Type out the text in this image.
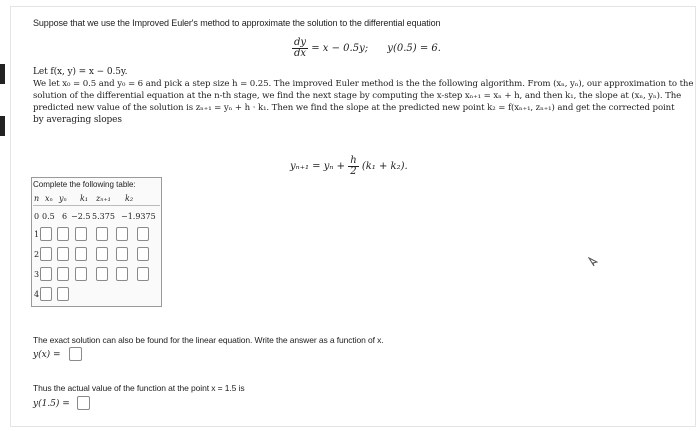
Suppose that we use the Improved Euler's method to approximate the solution to the differential equation
$\frac{dy}{dx} = x - 0.5y$; y(0.5) = 6.
Let f(x, y) = x − 0.5y.
We let x₀ = 0.5 and y₀ = 6 and pick a step size h = 0.25. The improved Euler method is the the following algorithm. From (xₙ, yₙ), our approximation to the
solution of the differential equation at the n-th stage, we find the next stage by computing the x-step xₙ₊₁ = xₙ + h, and then k₁, the slope at (xₙ, yₙ). The
predicted new value of the solution is zₙ₊₁ = yₙ + h · k₁. Then we find the slope at the predicted new point k₂ = f(xₙ₊₁, zₙ₊₁) and get the corrected point
by averaging slopes
$y_{n+1} = y_n + \frac{h}{2} (k_1 + k_2)$.
Complete the following table:
n xₙ yₙ k₁ zₙ₊₁ k₂
0 0.5 6 −2.5 5.375 −1.9375
1
2
3
4
The exact solution can also be found for the linear equation. Write the answer as a function of x.
y(x) =
Thus the actual value of the function at the point x = 1.5 is
y(1.5) =
